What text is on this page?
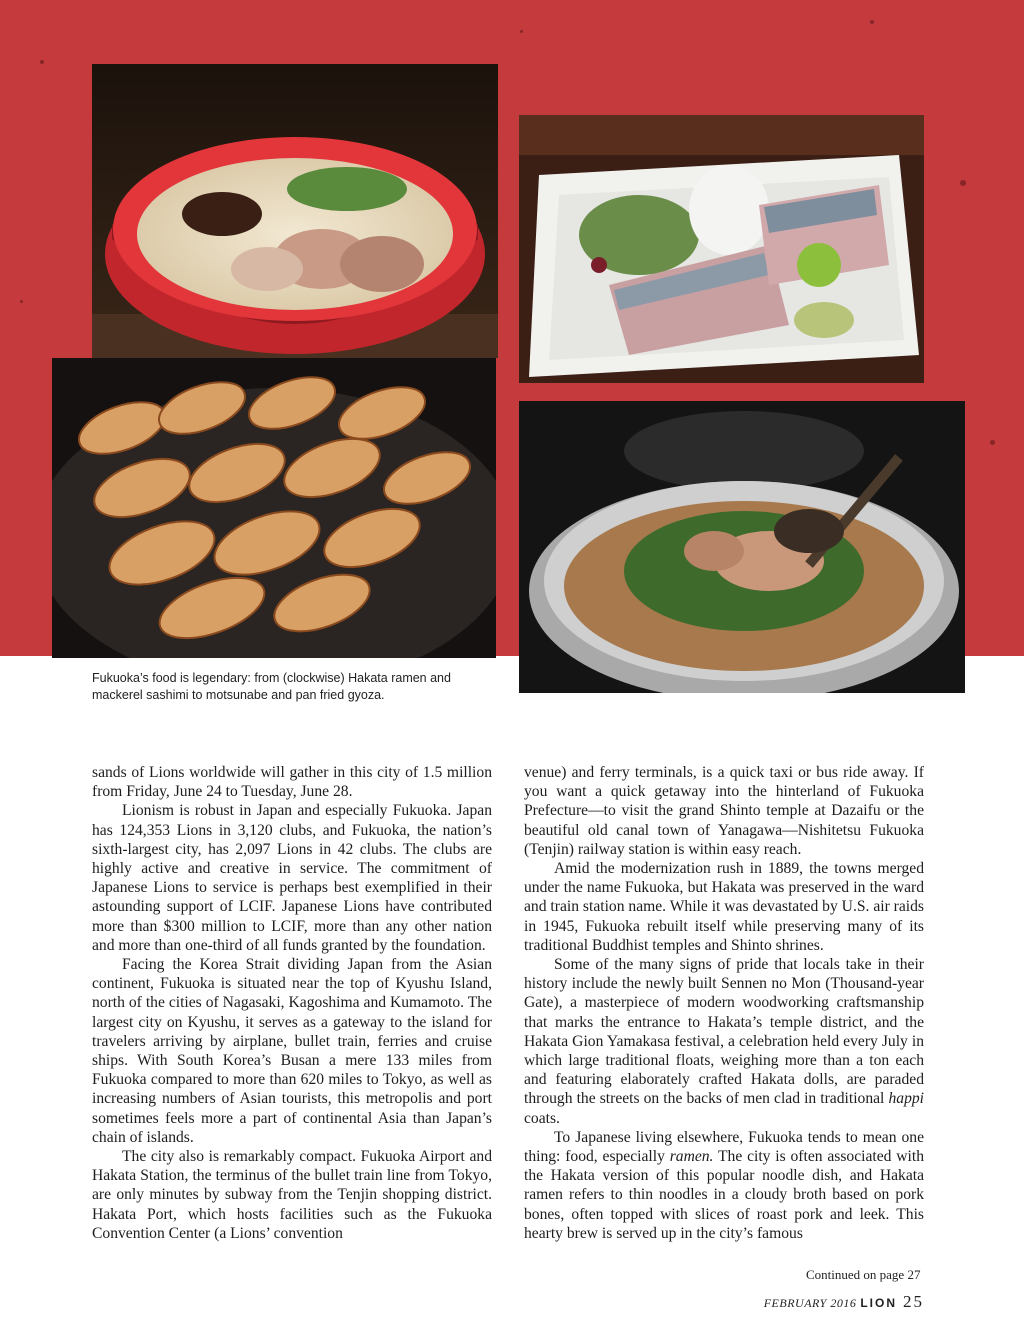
Fukuoka’s food is legendary: from (clockwise) Hakata ramen and mackerel sashimi to motsunabe and pan fried gyoza.

sands of Lions worldwide will gather in this city of 1.5 million from Friday, June 24 to Tuesday, June 28.

Lionism is robust in Japan and especially Fukuoka. Japan has 124,353 Lions in 3,120 clubs, and Fukuoka, the nation’s sixth-largest city, has 2,097 Lions in 42 clubs. The clubs are highly active and creative in service. The commitment of Japanese Lions to service is perhaps best exemplified in their astounding support of LCIF. Japanese Lions have contributed more than $300 million to LCIF, more than any other nation and more than one-third of all funds granted by the foundation.

Facing the Korea Strait dividing Japan from the Asian continent, Fukuoka is situated near the top of Kyushu Island, north of the cities of Nagasaki, Kagoshima and Kumamoto. The largest city on Kyushu, it serves as a gateway to the island for travelers arriving by airplane, bullet train, ferries and cruise ships. With South Korea’s Busan a mere 133 miles from Fukuoka compared to more than 620 miles to Tokyo, as well as increasing numbers of Asian tourists, this metropolis and port sometimes feels more a part of continental Asia than Japan’s chain of islands.

The city also is remarkably compact. Fukuoka Airport and Hakata Station, the terminus of the bullet train line from Tokyo, are only minutes by subway from the Tenjin shopping district. Hakata Port, which hosts facilities such as the Fukuoka Convention Center (a Lions’ convention

venue) and ferry terminals, is a quick taxi or bus ride away. If you want a quick getaway into the hinterland of Fukuoka Prefecture—to visit the grand Shinto temple at Dazaifu or the beautiful old canal town of Yanagawa—Nishitetsu Fukuoka (Tenjin) railway station is within easy reach.

Amid the modernization rush in 1889, the towns merged under the name Fukuoka, but Hakata was preserved in the ward and train station name. While it was devastated by U.S. air raids in 1945, Fukuoka rebuilt itself while preserving many of its traditional Buddhist temples and Shinto shrines.

Some of the many signs of pride that locals take in their history include the newly built Sennen no Mon (Thousand-year Gate), a masterpiece of modern woodworking craftsmanship that marks the entrance to Hakata’s temple district, and the Hakata Gion Yamakasa festival, a celebration held every July in which large traditional floats, weighing more than a ton each and featuring elaborately crafted Hakata dolls, are paraded through the streets on the backs of men clad in traditional happi coats.

To Japanese living elsewhere, Fukuoka tends to mean one thing: food, especially ramen. The city is often associated with the Hakata version of this popular noodle dish, and Hakata ramen refers to thin noodles in a cloudy broth based on pork bones, often topped with slices of roast pork and leek. This hearty brew is served up in the city’s famous

Continued on page 27
FEBRUARY 2016 LION 25
